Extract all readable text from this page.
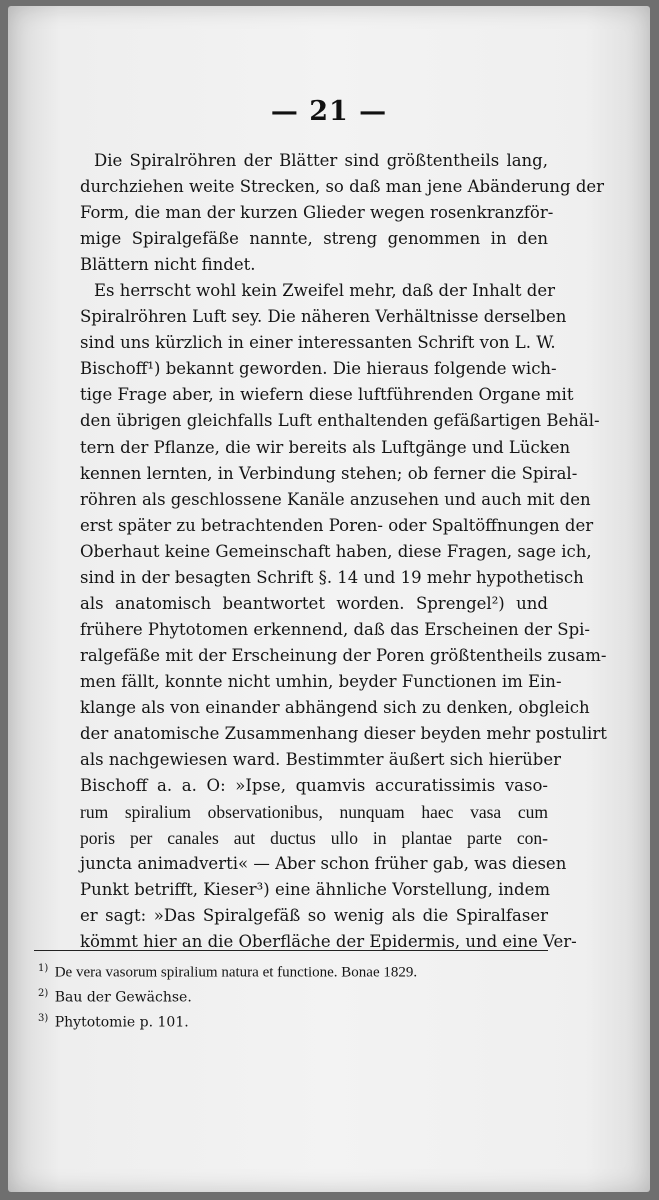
— 21 —
Die Spiralröhren der Blätter sind größtentheils lang,
durchziehen weite Strecken, so daß man jene Abänderung der
Form, die man der kurzen Glieder wegen rosenkranzför-
mige Spiralgefäße nannte, streng genommen in den
Blättern nicht findet.
Es herrscht wohl kein Zweifel mehr, daß der Inhalt der
Spiralröhren Luft sey. Die näheren Verhältnisse derselben
sind uns kürzlich in einer interessanten Schrift von L. W.
Bischoff¹) bekannt geworden. Die hieraus folgende wich-
tige Frage aber, in wiefern diese luftführenden Organe mit
den übrigen gleichfalls Luft enthaltenden gefäßartigen Behäl-
tern der Pflanze, die wir bereits als Luftgänge und Lücken
kennen lernten, in Verbindung stehen; ob ferner die Spiral-
röhren als geschlossene Kanäle anzusehen und auch mit den
erst später zu betrachtenden Poren- oder Spaltöffnungen der
Oberhaut keine Gemeinschaft haben, diese Fragen, sage ich,
sind in der besagten Schrift §. 14 und 19 mehr hypothetisch
als anatomisch beantwortet worden. Sprengel²) und
frühere Phytotomen erkennend, daß das Erscheinen der Spi-
ralgefäße mit der Erscheinung der Poren größtentheils zusam-
men fällt, konnte nicht umhin, beyder Functionen im Ein-
klange als von einander abhängend sich zu denken, obgleich
der anatomische Zusammenhang dieser beyden mehr postulirt
als nachgewiesen ward. Bestimmter äußert sich hierüber
Bischoff a. a. O: »Ipse, quamvis accuratissimis vaso-
rum spiralium observationibus, nunquam haec vasa cum
poris per canales aut ductus ullo in plantae parte con-
juncta animadverti« — Aber schon früher gab, was diesen
Punkt betrifft, Kieser³) eine ähnliche Vorstellung, indem
er sagt: »Das Spiralgefäß so wenig als die Spiralfaser
kömmt hier an die Oberfläche der Epidermis, und eine Ver-
$^{1)}$ De vera vasorum spiralium natura et functione. Bonae 1829.
$^{2)}$ Bau der Gewächse.
$^{3)}$ Phytotomie p. 101.
